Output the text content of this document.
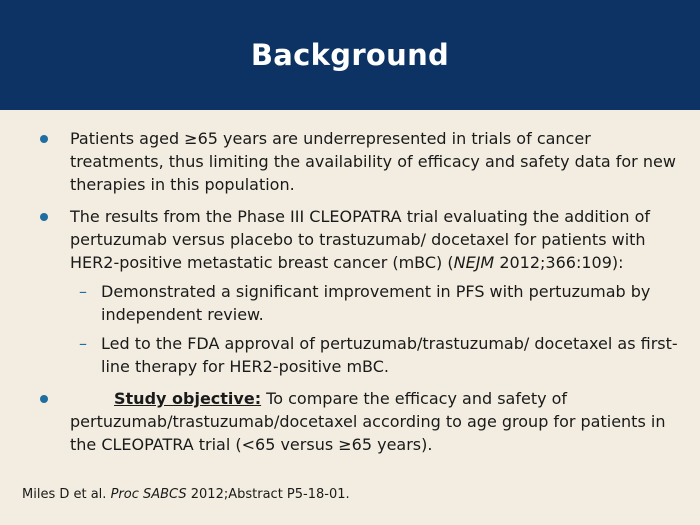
Background
Patients aged ≥65 years are underrepresented in trials of cancer treatments, thus limiting the availability of efficacy and safety data for new therapies in this population.
The results from the Phase III CLEOPATRA trial evaluating the addition of pertuzumab versus placebo to trastuzumab/ docetaxel for patients with HER2-positive metastatic breast cancer (mBC) (NEJM 2012;366:109):
– Demonstrated a significant improvement in PFS with pertuzumab by independent review.
– Led to the FDA approval of pertuzumab/trastuzumab/ docetaxel as first-line therapy for HER2-positive mBC.
Study objective: To compare the efficacy and safety of pertuzumab/trastuzumab/docetaxel according to age group for patients in the CLEOPATRA trial (<65 versus ≥65 years).
Miles D et al. Proc SABCS 2012;Abstract P5-18-01.
